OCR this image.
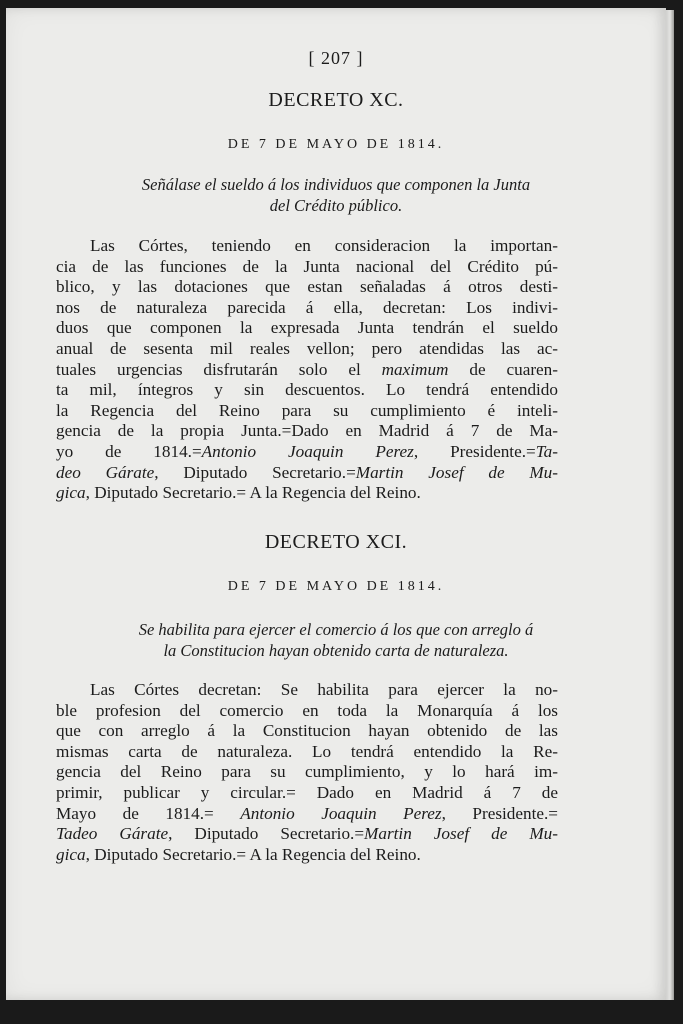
[ 207 ]
DECRETO XC.
DE 7 DE MAYO DE 1814.
Señálase el sueldo á los individuos que componen la Junta
del Crédito público.
Las Córtes, teniendo en consideracion la importan-
cia de las funciones de la Junta nacional del Crédito pú-
blico, y las dotaciones que estan señaladas á otros desti-
nos de naturaleza parecida á ella, decretan: Los indivi-
duos que componen la expresada Junta tendrán el sueldo
anual de sesenta mil reales vellon; pero atendidas las ac-
tuales urgencias disfrutarán solo el maximum de cuaren-
ta mil, íntegros y sin descuentos. Lo tendrá entendido
la Regencia del Reino para su cumplimiento é inteli-
gencia de la propia Junta.=Dado en Madrid á 7 de Ma-
yo de 1814.=Antonio Joaquin Perez, Presidente.=Ta-
deo Gárate, Diputado Secretario.=Martin Josef de Mu-
gica, Diputado Secretario.= A la Regencia del Reino.
DECRETO XCI.
DE 7 DE MAYO DE 1814.
Se habilita para ejercer el comercio á los que con arreglo á
la Constitucion hayan obtenido carta de naturaleza.
Las Córtes decretan: Se habilita para ejercer la no-
ble profesion del comercio en toda la Monarquía á los
que con arreglo á la Constitucion hayan obtenido de las
mismas carta de naturaleza. Lo tendrá entendido la Re-
gencia del Reino para su cumplimiento, y lo hará im-
primir, publicar y circular.= Dado en Madrid á 7 de
Mayo de 1814.= Antonio Joaquin Perez, Presidente.=
Tadeo Gárate, Diputado Secretario.=Martin Josef de Mu-
gica, Diputado Secretario.= A la Regencia del Reino.
